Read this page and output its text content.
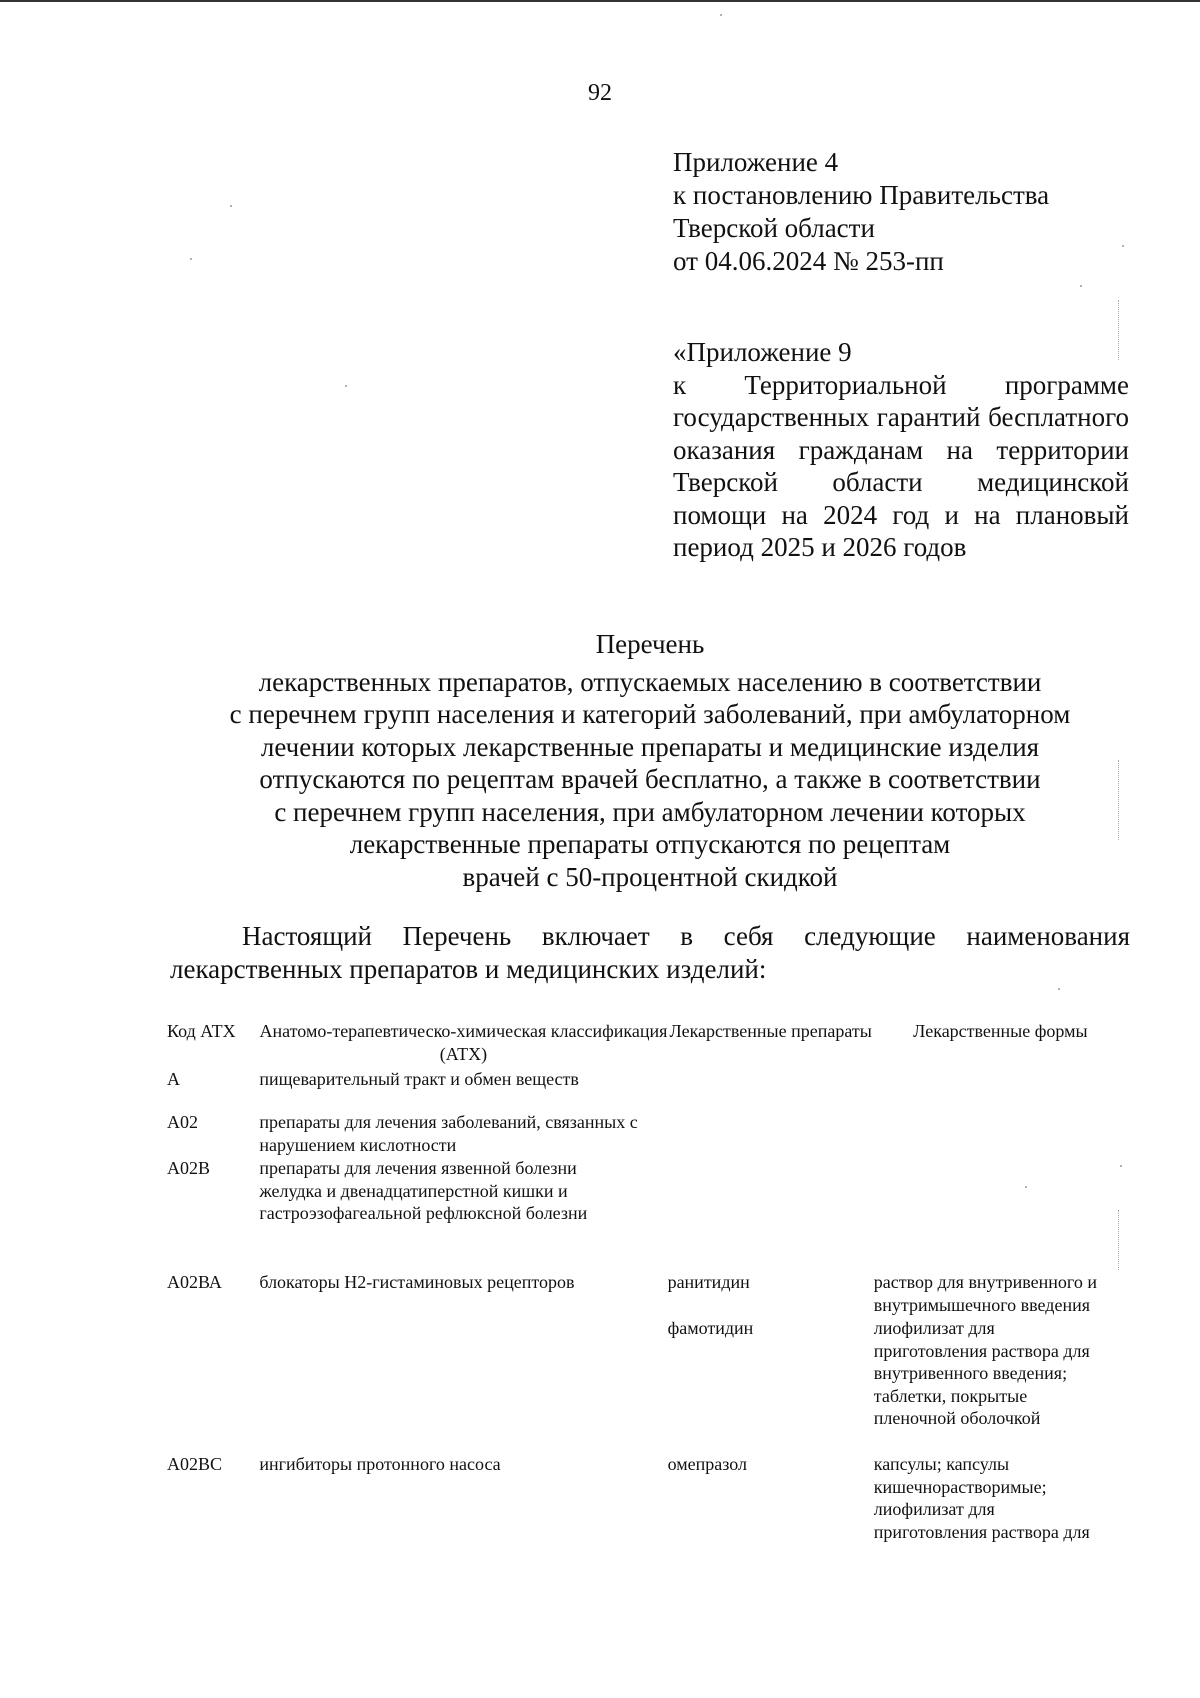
92
Приложение 4
к постановлению Правительства
Тверской области
от 04.06.2024 № 253-пп
«Приложение 9
к Территориальной программе государственных гарантий бесплатного оказания гражданам на территории Тверской области медицинской помощи на 2024 год и на плановый период 2025 и 2026 годов
Перечень
лекарственных препаратов, отпускаемых населению в соответствии
с перечнем групп населения и категорий заболеваний, при амбулаторном
лечении которых лекарственные препараты и медицинские изделия
отпускаются по рецептам врачей бесплатно, а также в соответствии
с перечнем групп населения, при амбулаторном лечении которых
лекарственные препараты отпускаются по рецептам
врачей с 50-процентной скидкой
Настоящий Перечень включает в себя следующие наименования
лекарственных препаратов и медицинских изделий:
Код АТХ	Анатомо-терапевтическо-химическая классификация (АТХ)	Лекарственные препараты	Лекарственные формы
А	пищеварительный тракт и обмен веществ		
А02	препараты для лечения заболеваний, связанных с нарушением кислотности		
А02В	препараты для лечения язвенной болезни желудка и двенадцатиперстной кишки и гастроэзофагеальной рефлюксной болезни		
А02ВА	блокаторы Н2-гистаминовых рецепторов	ранитидин	раствор для внутривенного и внутримышечного введения
		фамотидин	лиофилизат для приготовления раствора для внутривенного введения; таблетки, покрытые пленочной оболочкой
А02ВС	ингибиторы протонного насоса	омепразол	капсулы; капсулы кишечнорастворимые; лиофилизат для приготовления раствора для
